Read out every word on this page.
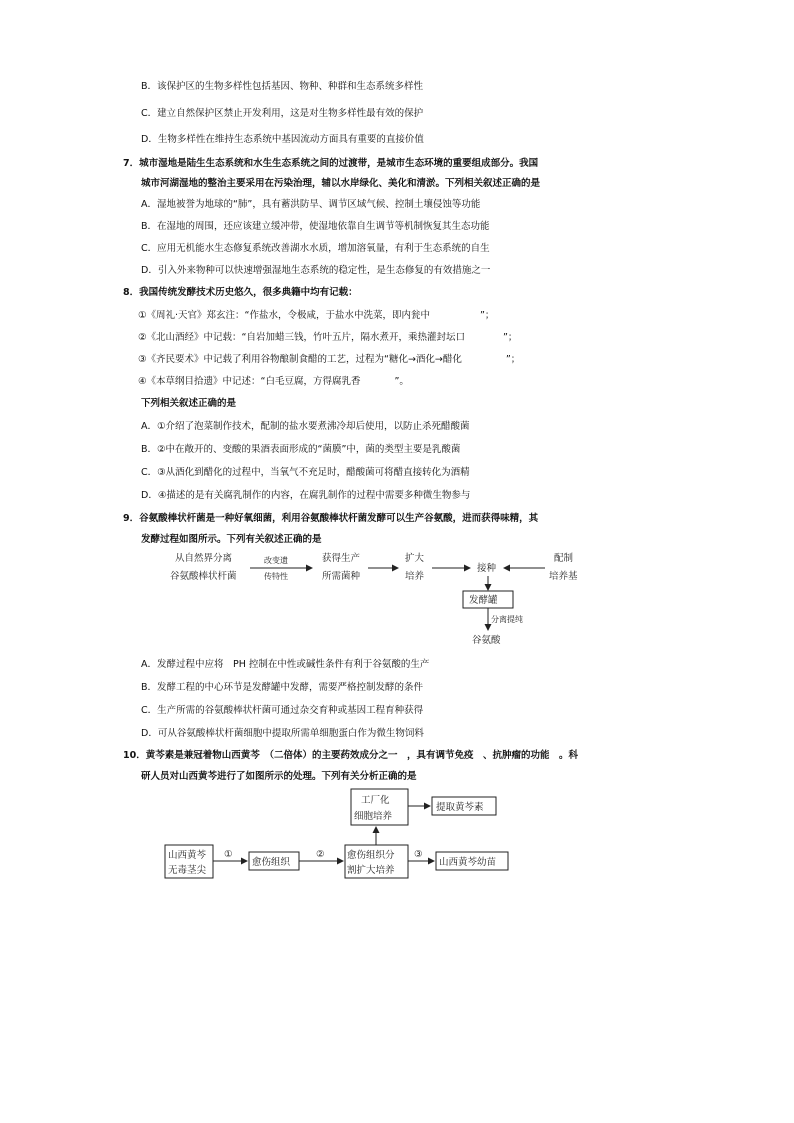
B．该保护区的生物多样性包括基因、物种、种群和生态系统多样性
C．建立自然保护区禁止开发利用，这是对生物多样性最有效的保护
D．生物多样性在维持生态系统中基因流动方面具有重要的直接价值
7．城市湿地是陆生生态系统和水生生态系统之间的过渡带，是城市生态环境的重要组成部分。我国
城市河湖湿地的整治主要采用在污染治理，辅以水岸绿化、美化和清淤。下列相关叙述正确的是
A．湿地被誉为地球的“肺”，具有蓄洪防旱、调节区域气候、控制土壤侵蚀等功能
B．在湿地的周围，还应该建立缓冲带，使湿地依靠自生调节等机制恢复其生态功能
C．应用无机能水生态修复系统改善湖水水质，增加溶氧量，有利于生态系统的自生
D．引入外来物种可以快速增强湿地生态系统的稳定性，是生态修复的有效措施之一
8．我国传统发酵技术历史悠久，很多典籍中均有记载：
①《周礼·天官》郑玄注：“作盐水，令极咸，于盐水中洗菜，即内瓮中	”；
②《北山酒经》中记载：“自岩加蜡三钱，竹叶五片，隔水煮开，乘热灌封坛口	”；
③《齐民要术》中记载了利用谷物酿制食醋的工艺，过程为“糖化→酒化→醋化	”；
④《本草纲目拾遗》中记述：“白毛豆腐，方得腐乳香	”。
下列相关叙述正确的是
A．①介绍了泡菜制作技术，配制的盐水要煮沸冷却后使用，以防止杀死醋酸菌
B．②中在敞开的、变酸的果酒表面形成的“菌膜”中，菌的类型主要是乳酸菌
C．③从酒化到醋化的过程中，当氧气不充足时，醋酸菌可将醋直接转化为酒精
D．④描述的是有关腐乳制作的内容，在腐乳制作的过程中需要多种微生物参与
9．谷氨酸棒状杆菌是一种好氧细菌，利用谷氨酸棒状杆菌发酵可以生产谷氨酸，进而获得味精，其
发酵过程如图所示。下列有关叙述正确的是
从自然界分离
谷氨酸棒状杆菌
改变遗
传特性
获得生产
所需菌种
扩大
培养
接种
配制
培养基
发酵罐
分离提纯
谷氨酸
A．发酵过程中应将　PH 控制在中性或碱性条件有利于谷氨酸的生产
B．发酵工程的中心环节是发酵罐中发酵，需要严格控制发酵的条件
C．生产所需的谷氨酸棒状杆菌可通过杂交育种或基因工程育种获得
D．可从谷氨酸棒状杆菌细胞中提取所需单细胞蛋白作为微生物饲料
10．黄芩素是兼冠着物山西黄芩　（二倍体）的主要药效成分之一　，具有调节免疫　、抗肿瘤的功能　。科
研人员对山西黄芩进行了如图所示的处理。下列有关分析正确的是
工厂化
细胞培养
提取黄芩素
山西黄芩
无毒茎尖
①
愈伤组织
② 愈伤组织分
割扩大培养
③
山西黄芩幼苗
